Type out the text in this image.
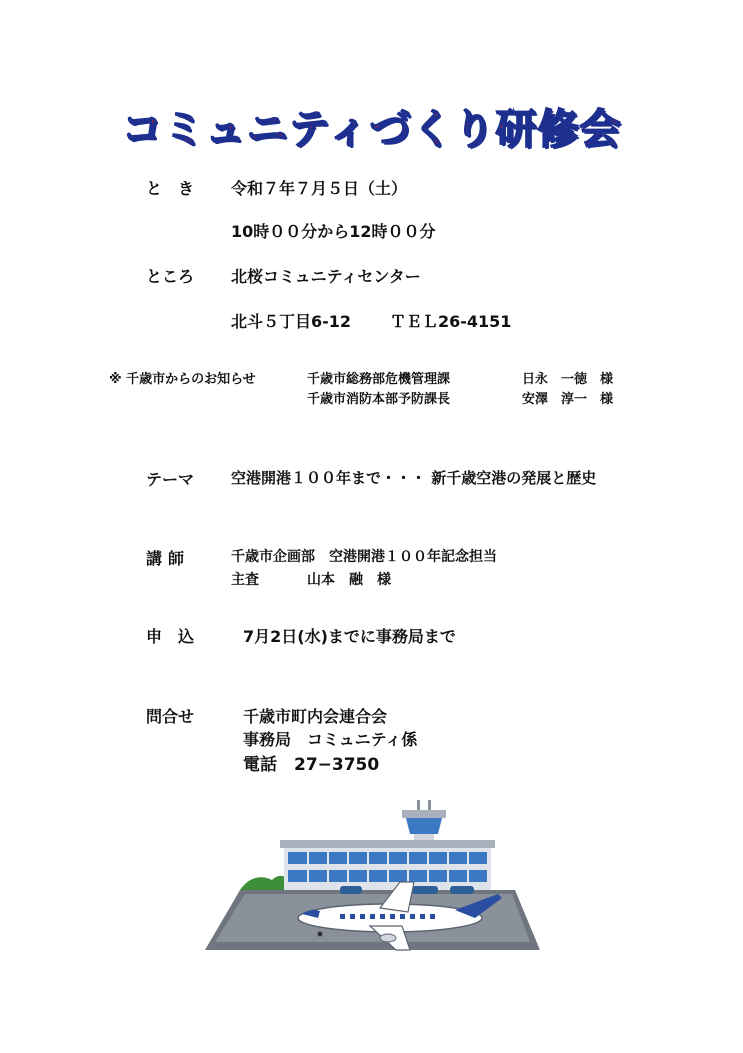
コミュニティづくり研修会
と　き 令和７年７月５日（土）
10時００分から12時００分
ところ 北桜コミュニティセンター
北斗５丁目6-12 ＴＥＬ26-4151
※ 千歳市からのお知らせ	千歳市総務部危機管理課	日永　一徳　様
千歳市消防本部予防課長	安澤　淳一　様
テーマ 空港開港１００年まで・・・ 新千歳空港の発展と歴史
講師	千歳市企画部　空港開港１００年記念担当
主査	山本　融　様
申　込	7月2日(水)までに事務局まで
問合せ	千歳市町内会連合会
事務局　コミュニティ係
電話　27−3750
